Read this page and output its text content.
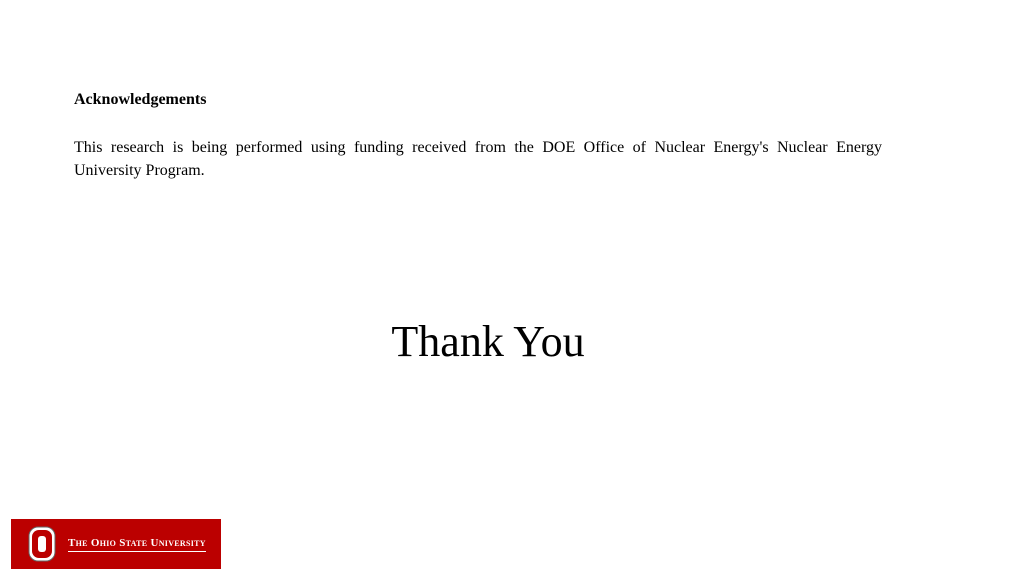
Acknowledgements

This research is being performed using funding received from the DOE Office of Nuclear Energy's Nuclear Energy University Program.

Thank You
The Ohio State University
